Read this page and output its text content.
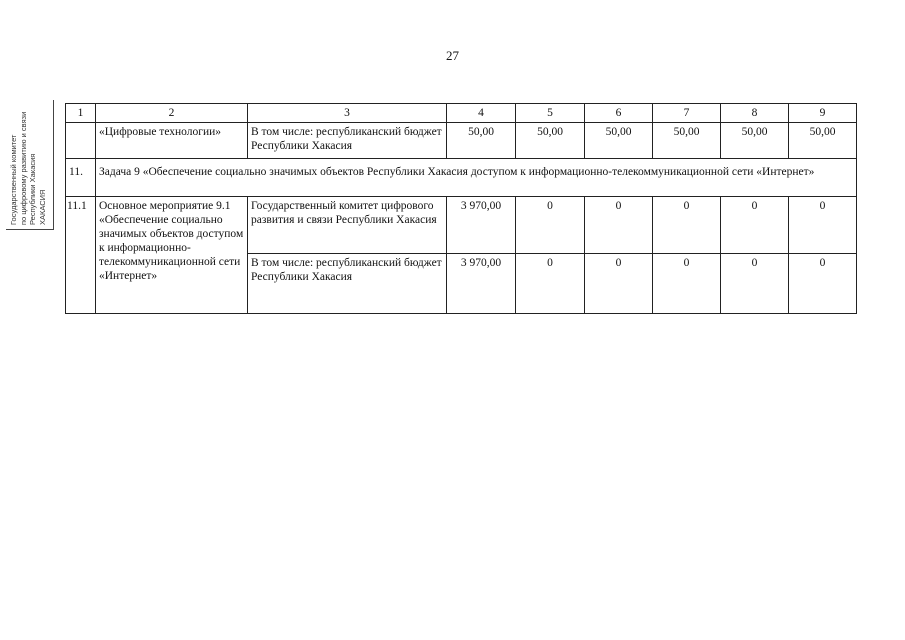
27
Государственный комитет по цифровому развитию и связи Республики Хакасия ХАКАСИЯ
1	2	3	4	5	6	7	8	9
	«Цифровые технологии»	В том числе: республиканский бюджет Республики Хакасия	50,00	50,00	50,00	50,00	50,00	50,00
11.	Задача 9 «Обеспечение социально значимых объектов Республики Хакасия доступом к информационно-телекоммуникационной сети «Интернет»							
11.1	Основное мероприятие 9.1 «Обеспечение социально значимых объектов доступом к информационно-телекоммуникационной сети «Интернет»	Государственный комитет цифрового развития и связи Республики Хакасия	3 970,00	0	0	0	0	0
		В том числе: республиканский бюджет Республики Хакасия	3 970,00	0	0	0	0	0
